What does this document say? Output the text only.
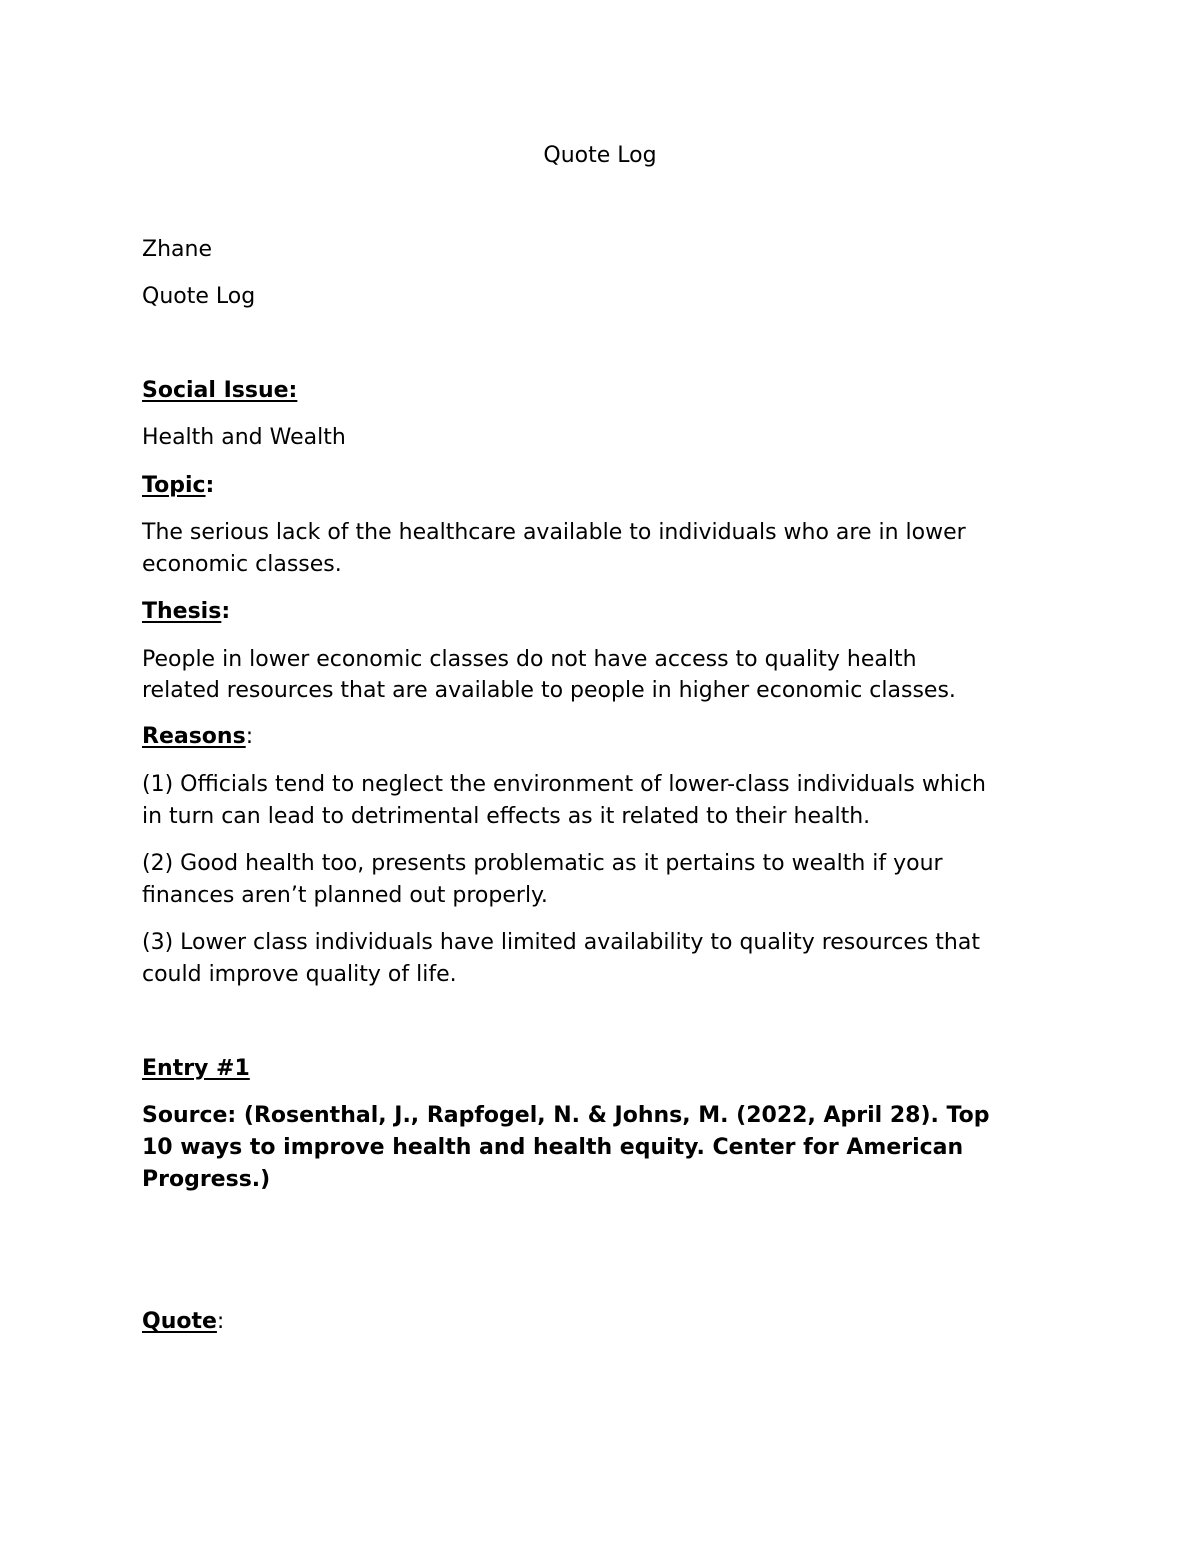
Quote Log
Zhane
Quote Log
Social Issue:
Health and Wealth
Topic:
The serious lack of the healthcare available to individuals who are in lower
economic classes.
Thesis:
People in lower economic classes do not have access to quality health
related resources that are available to people in higher economic classes.
Reasons:
(1) Officials tend to neglect the environment of lower-class individuals which
in turn can lead to detrimental effects as it related to their health.
(2) Good health too, presents problematic as it pertains to wealth if your
finances aren’t planned out properly.
(3) Lower class individuals have limited availability to quality resources that
could improve quality of life.
Entry #1
Source: (Rosenthal, J., Rapfogel, N. & Johns, M. (2022, April 28). Top
10 ways to improve health and health equity. Center for American
Progress.)
Quote:
